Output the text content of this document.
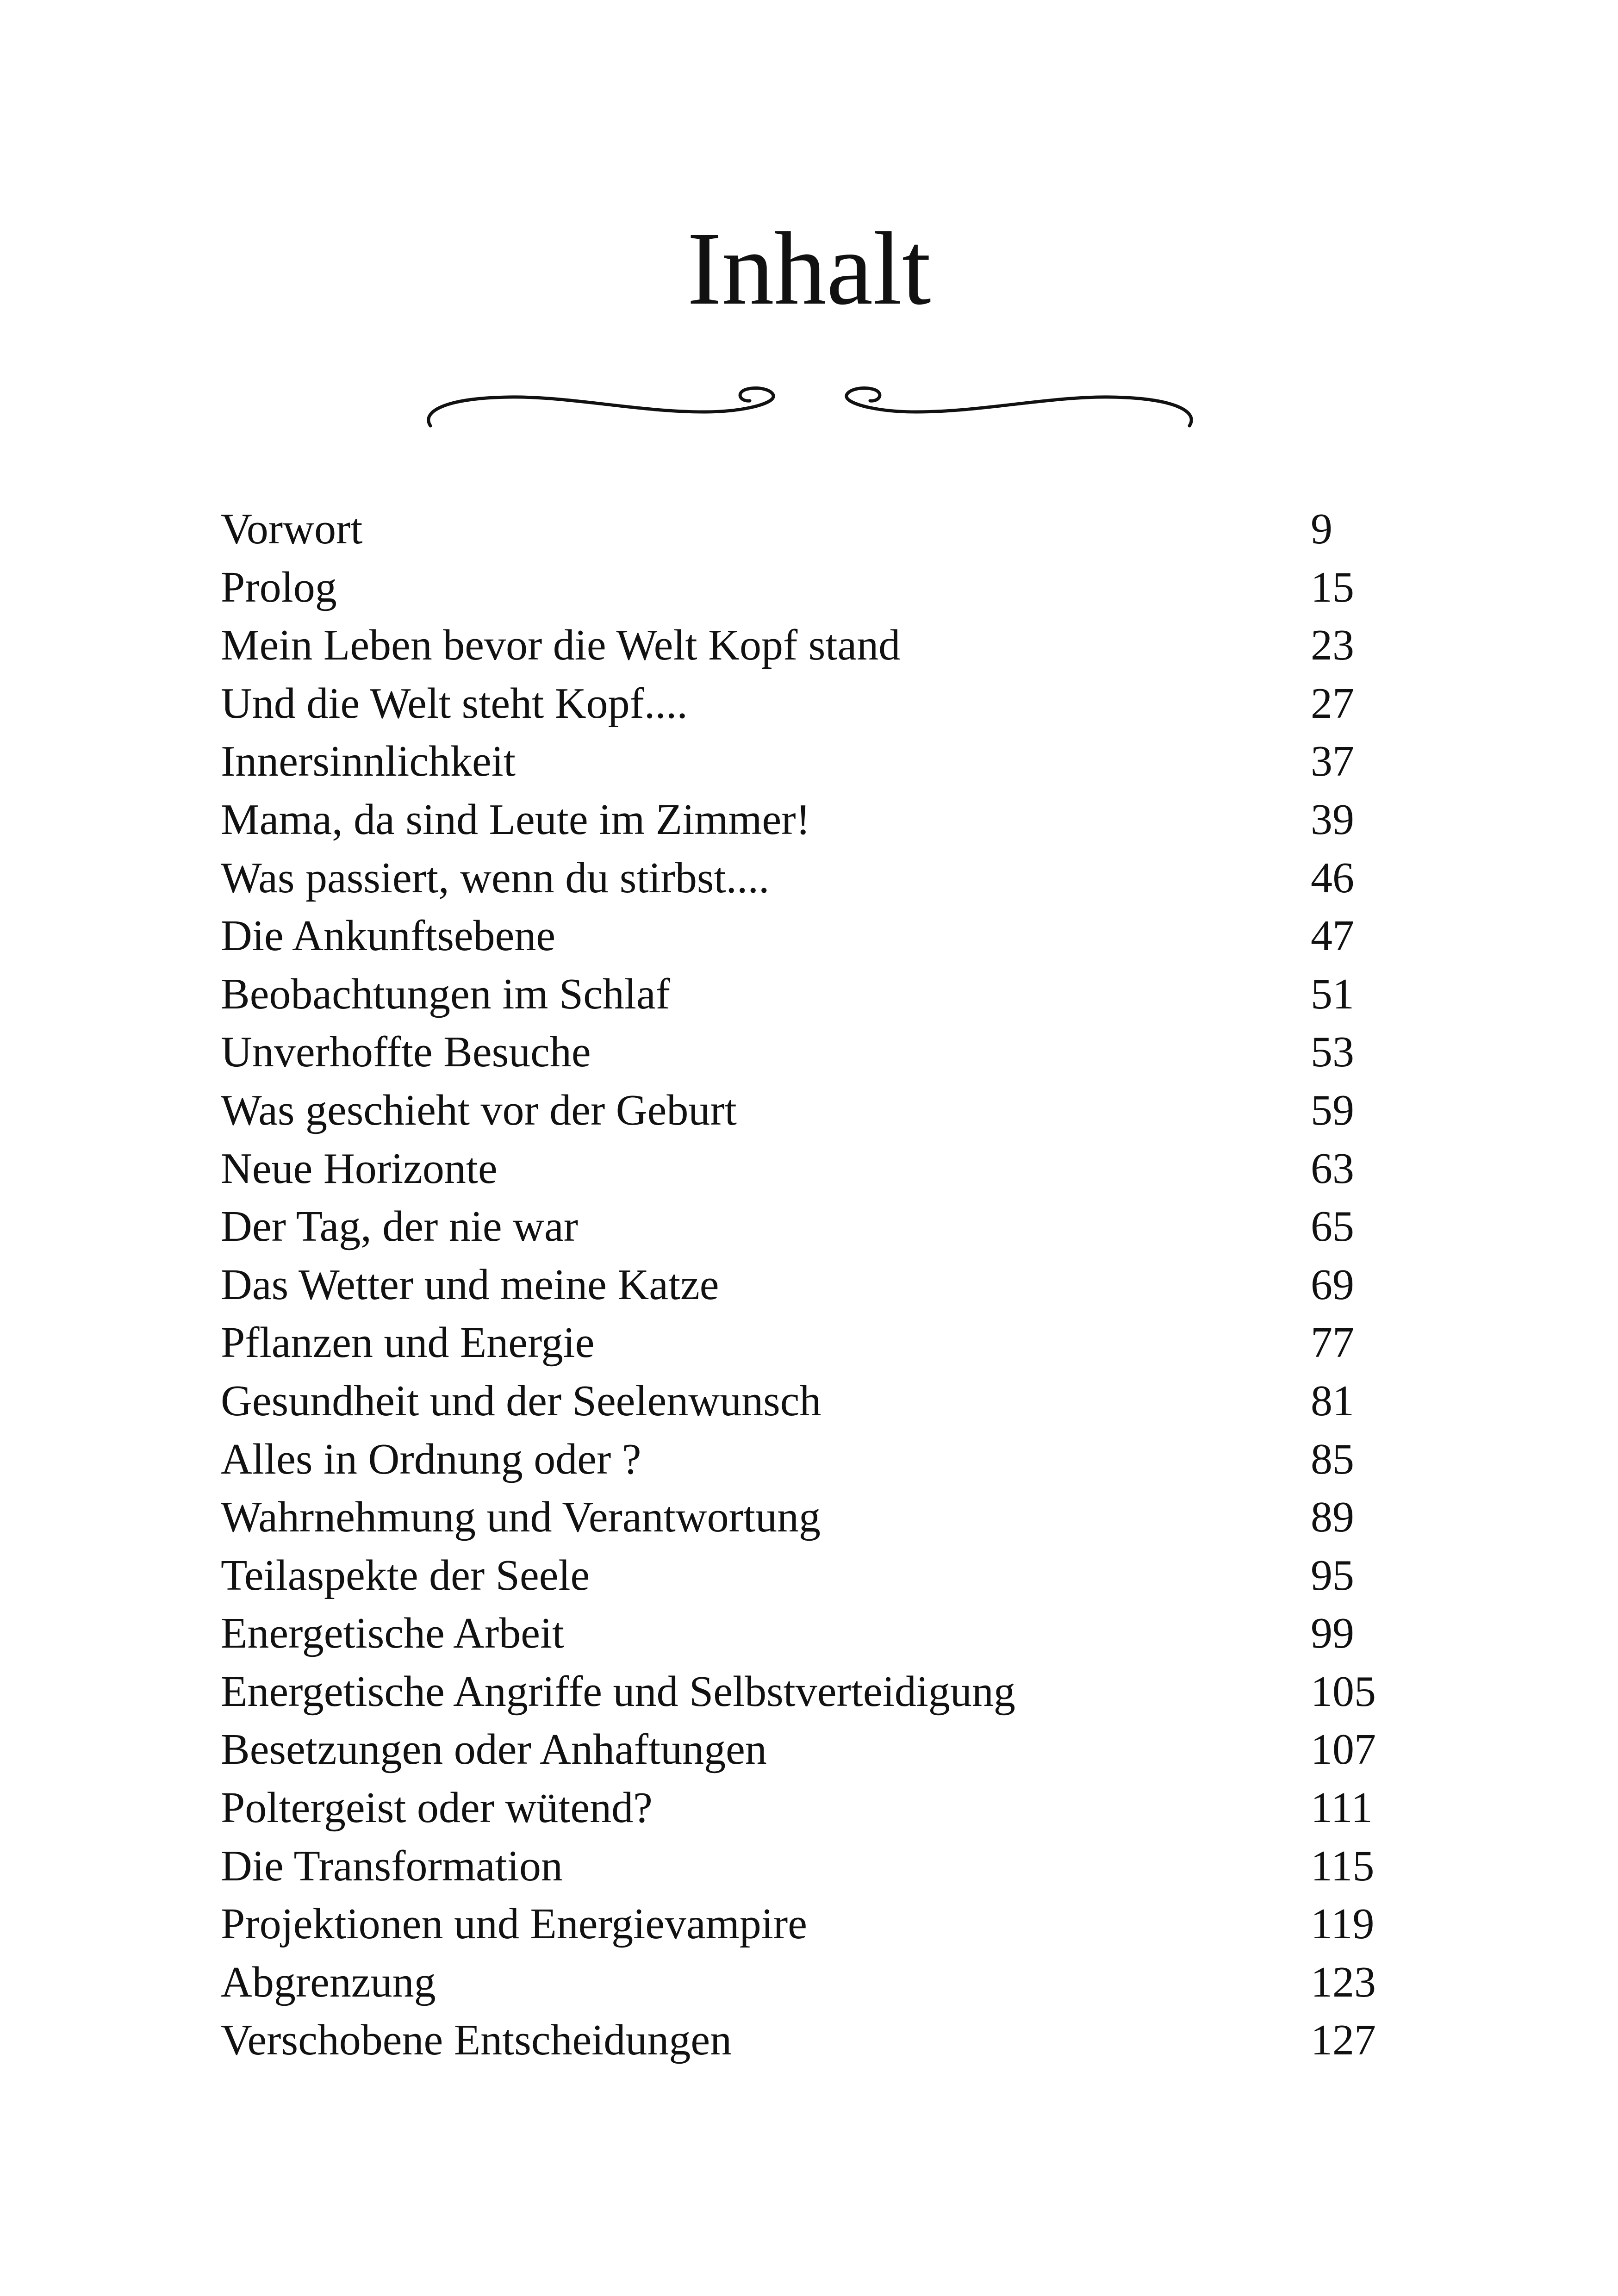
Inhalt
Vorwort	9
Prolog	15
Mein Leben bevor die Welt Kopf stand	23
Und die Welt steht Kopf....	27
Innersinnlichkeit	37
Mama, da sind Leute im Zimmer!	39
Was passiert, wenn du stirbst....	46
Die Ankunftsebene	47
Beobachtungen im Schlaf	51
Unverhoffte Besuche	53
Was geschieht vor der Geburt	59
Neue Horizonte	63
Der Tag, der nie war	65
Das Wetter und meine Katze	69
Pflanzen und Energie	77
Gesundheit und der Seelenwunsch	81
Alles in Ordnung oder ?	85
Wahrnehmung und Verantwortung	89
Teilaspekte der Seele	95
Energetische Arbeit	99
Energetische Angriffe und Selbstverteidigung	105
Besetzungen oder Anhaftungen	107
Poltergeist oder wütend?	111
Die Transformation	115
Projektionen und Energievampire	119
Abgrenzung	123
Verschobene Entscheidungen	127
